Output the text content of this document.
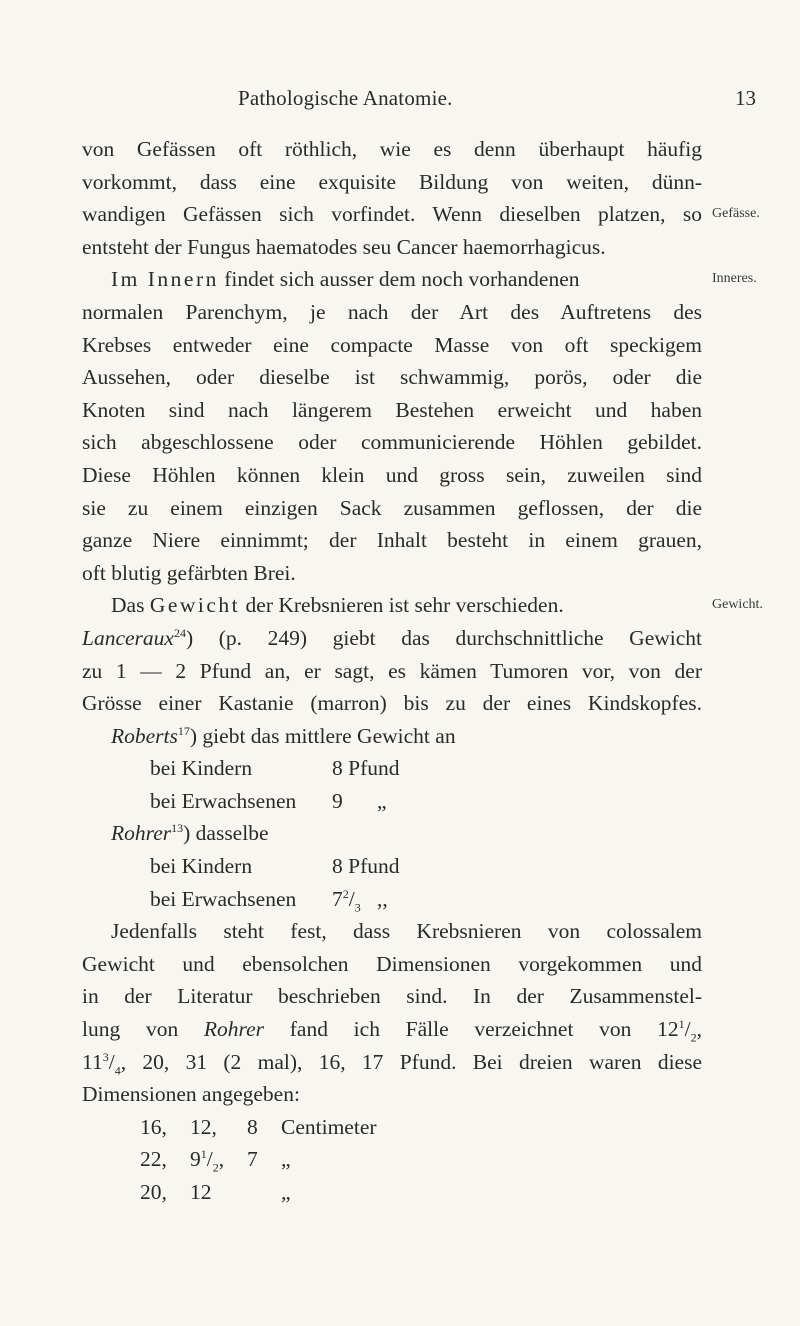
Pathologische Anatomie.	13
von Gefässen oft röthlich, wie es denn überhaupt häufig
vorkommt, dass eine exquisite Bildung von weiten, dünn-
wandigen Gefässen sich vorfindet. Wenn dieselben platzen, so Gefässe.
entsteht der Fungus haematodes seu Cancer haemorrhagicus.
Im Innern findet sich ausser dem noch vorhandenen	Inneres.
normalen Parenchym, je nach der Art des Auftretens des
Krebses entweder eine compacte Masse von oft speckigem
Aussehen, oder dieselbe ist schwammig, porös, oder die
Knoten sind nach längerem Bestehen erweicht und haben
sich abgeschlossene oder communicierende Höhlen gebildet.
Diese Höhlen können klein und gross sein, zuweilen sind
sie zu einem einzigen Sack zusammen geflossen, der die
ganze Niere einnimmt; der Inhalt besteht in einem grauen,
oft blutig gefärbten Brei.
Das Gewicht der Krebsnieren ist sehr verschieden.	Gewicht.
Lanceraux$^{24}$) (p. 249) giebt das durchschnittliche Gewicht
zu 1 — 2 Pfund an, er sagt, es kämen Tumoren vor, von der
Grösse einer Kastanie (marron) bis zu der eines Kindskopfes.
Roberts$^{17}$) giebt das mittlere Gewicht an
bei Kindern	8 Pfund
bei Erwachsenen 9 „
Rohrer$^{13}$) dasselbe
bei Kindern	8 Pfund
bei Erwachsenen $7^2/_3$ ,,
Jedenfalls steht fest, dass Krebsnieren von colossalem
Gewicht und ebensolchen Dimensionen vorgekommen und
in der Literatur beschrieben sind. In der Zusammenstel-
lung von Rohrer fand ich Fälle verzeichnet von $12^1/_2$,
$11^3/_4$, 20, 31 (2 mal), 16, 17 Pfund. Bei dreien waren diese
Dimensionen angegeben:
16, 12, 8 Centimeter
22, $9^1/_2$, 7 „
20, 12	„
